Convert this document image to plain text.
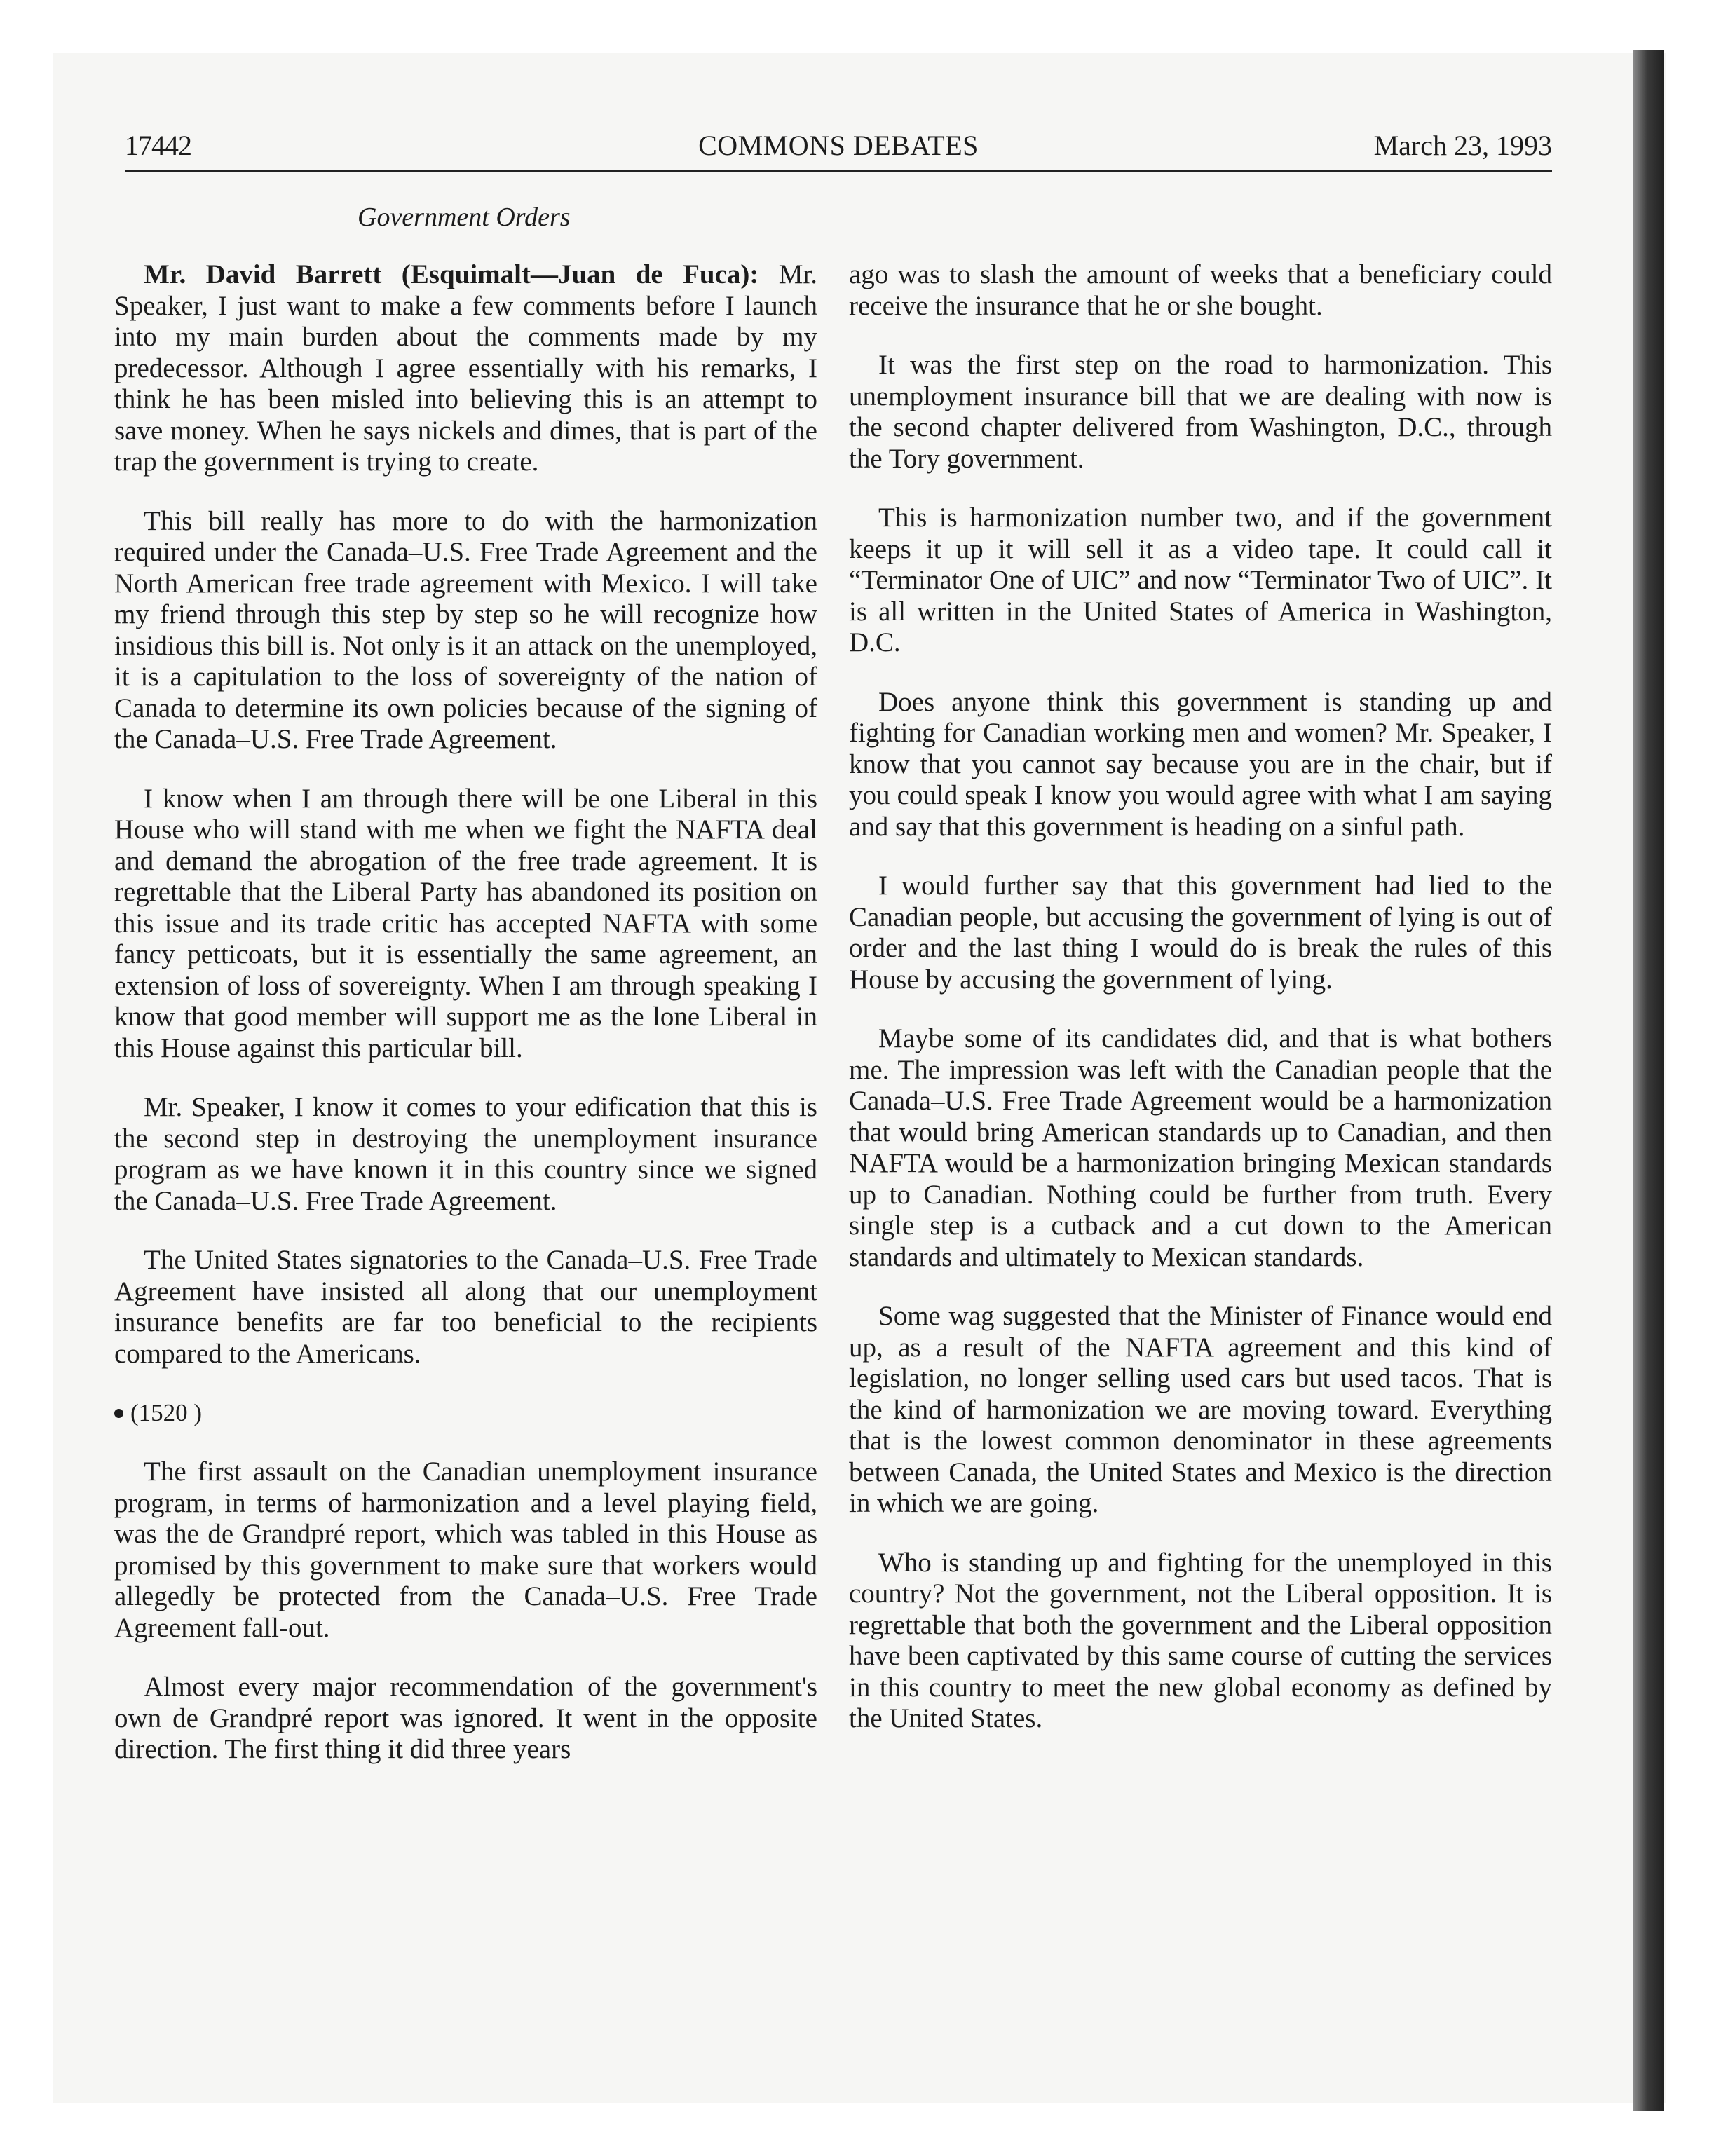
17442	COMMONS DEBATES	March 23, 1993
Government Orders

Mr. David Barrett (Esquimalt—Juan de Fuca): Mr. Speaker, I just want to make a few comments before I launch into my main burden about the comments made by my predecessor. Although I agree essentially with his remarks, I think he has been misled into believing this is an attempt to save money. When he says nickels and dimes, that is part of the trap the government is trying to create.

This bill really has more to do with the harmonization required under the Canada–U.S. Free Trade Agreement and the North American free trade agreement with Mexico. I will take my friend through this step by step so he will recognize how insidious this bill is. Not only is it an attack on the unemployed, it is a capitulation to the loss of sovereignty of the nation of Canada to determine its own policies because of the signing of the Canada–U.S. Free Trade Agreement.

I know when I am through there will be one Liberal in this House who will stand with me when we fight the NAFTA deal and demand the abrogation of the free trade agreement. It is regrettable that the Liberal Party has abandoned its position on this issue and its trade critic has accepted NAFTA with some fancy petticoats, but it is essentially the same agreement, an extension of loss of sovereignty. When I am through speaking I know that good member will support me as the lone Liberal in this House against this particular bill.

Mr. Speaker, I know it comes to your edification that this is the second step in destroying the unemployment insurance program as we have known it in this country since we signed the Canada–U.S. Free Trade Agreement.

The United States signatories to the Canada–U.S. Free Trade Agreement have insisted all along that our unemployment insurance benefits are far too beneficial to the recipients compared to the Americans.

(1520 )

The first assault on the Canadian unemployment insurance program, in terms of harmonization and a level playing field, was the de Grandpré report, which was tabled in this House as promised by this government to make sure that workers would allegedly be protected from the Canada–U.S. Free Trade Agreement fall-out.

Almost every major recommendation of the government's own de Grandpré report was ignored. It went in the opposite direction. The first thing it did three years

ago was to slash the amount of weeks that a beneficiary could receive the insurance that he or she bought.

It was the first step on the road to harmonization. This unemployment insurance bill that we are dealing with now is the second chapter delivered from Washington, D.C., through the Tory government.

This is harmonization number two, and if the government keeps it up it will sell it as a video tape. It could call it “Terminator One of UIC” and now “Terminator Two of UIC”. It is all written in the United States of America in Washington, D.C.

Does anyone think this government is standing up and fighting for Canadian working men and women? Mr. Speaker, I know that you cannot say because you are in the chair, but if you could speak I know you would agree with what I am saying and say that this government is heading on a sinful path.

I would further say that this government had lied to the Canadian people, but accusing the government of lying is out of order and the last thing I would do is break the rules of this House by accusing the government of lying.

Maybe some of its candidates did, and that is what bothers me. The impression was left with the Canadian people that the Canada–U.S. Free Trade Agreement would be a harmonization that would bring American standards up to Canadian, and then NAFTA would be a harmonization bringing Mexican standards up to Canadian. Nothing could be further from truth. Every single step is a cutback and a cut down to the American standards and ultimately to Mexican standards.

Some wag suggested that the Minister of Finance would end up, as a result of the NAFTA agreement and this kind of legislation, no longer selling used cars but used tacos. That is the kind of harmonization we are moving toward. Everything that is the lowest common denominator in these agreements between Canada, the United States and Mexico is the direction in which we are going.

Who is standing up and fighting for the unemployed in this country? Not the government, not the Liberal opposition. It is regrettable that both the government and the Liberal opposition have been captivated by this same course of cutting the services in this country to meet the new global economy as defined by the United States.
